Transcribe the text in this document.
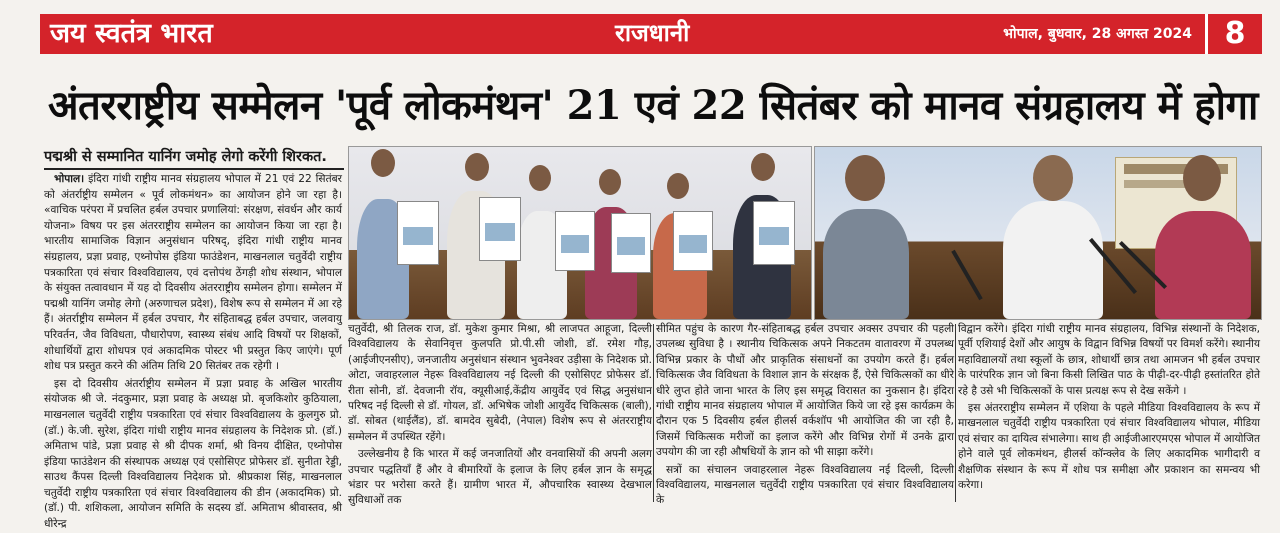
जय स्वतंत्र भारत	राजधानी	भोपाल, बुधवार, 28 अगस्त 2024	8
अंतरराष्ट्रीय सम्मेलन 'पूर्व लोकमंथन' 21 एवं 22 सितंबर को मानव संग्रहालय में होगा
पद्मश्री से सम्मानित यानिंग जमोह लेगो करेंगी शिरकत.

भोपाल। इंदिरा गांधी राष्ट्रीय मानव संग्रहालय भोपाल में 21 एवं 22 सितंबर को अंतर्राष्ट्रीय सम्मेलन « पूर्व लोकमंथन» का आयोजन होने जा रहा है। «वाचिक परंपरा में प्रचलित हर्बल उपचार प्रणालियां: संरक्षण, संवर्धन और कार्य योजना» विषय पर इस अंतरराष्ट्रीय सम्मेलन का आयोजन किया जा रहा है। भारतीय सामाजिक विज्ञान अनुसंधान परिषद्, इंदिरा गांधी राष्ट्रीय मानव संग्रहालय, प्रज्ञा प्रवाह, एथ्नोपोस इंडिया फाउंडेशन, माखनलाल चतुर्वेदी राष्ट्रीय पत्रकारिता एवं संचार विश्वविद्यालय, एवं दत्तोपंथ ठेंगड़ी शोध संस्थान, भोपाल के संयुक्त तत्वावधान में यह दो दिवसीय अंतरराष्ट्रीय सम्मेलन होगा। सम्मेलन में पद्मश्री यानिंग जमोह लेगो (अरुणाचल प्रदेश), विशेष रूप से सम्मेलन में आ रहे हैं। अंतर्राष्ट्रीय सम्मेलन में हर्बल उपचार, गैर संहिताबद्ध हर्बल उपचार, जलवायु परिवर्तन, जैव विविधता, पौधारोपण, स्वास्थ्य संबंध आदि विषयों पर शिक्षकों, शोधार्थियों द्वारा शोधपत्र एवं अकादमिक पोस्टर भी प्रस्तुत किए जाएंगे। पूर्ण शोध पत्र प्रस्तुत करने की अंतिम तिथि 20 सितंबर तक रहेगी ।

इस दो दिवसीय अंतर्राष्ट्रीय सम्मेलन में प्रज्ञा प्रवाह के अखिल भारतीय संयोजक श्री जे. नंदकुमार, प्रज्ञा प्रवाह के अध्यक्ष प्रो. बृजकिशोर कुठियाला, माखनलाल चतुर्वेदी राष्ट्रीय पत्रकारिता एवं संचार विश्वविद्यालय के कुलगुरु प्रो. (डॉ.) के.जी. सुरेश, इंदिरा गांधी राष्ट्रीय मानव संग्रहालय के निदेशक प्रो. (डॉ.) अमिताभ पांडे, प्रज्ञा प्रवाह से श्री दीपक शर्मा, श्री विनय दीक्षित, एथ्नोपोस इंडिया फाउंडेशन की संस्थापक अध्यक्ष एवं एसोसिएट प्रोफेसर डॉ. सुनीता रेड्डी, साउथ कैंपस दिल्ली विश्वविद्यालय निदेशक प्रो. श्रीप्रकाश सिंह, माखनलाल चतुर्वेदी राष्ट्रीय पत्रकारिता एवं संचार विश्वविद्यालय की डीन (अकादमिक) प्रो. (डॉ.) पी. शशिकला, आयोजन समिति के सदस्य डॉ. अमिताभ श्रीवास्तव, श्री धीरेन्द्र

चतुर्वेदी, श्री तिलक राज, डॉ. मुकेश कुमार मिश्रा, श्री लाजपत आहूजा, दिल्ली विश्वविद्यालय के सेवानिवृत्त कुलपति प्रो.पी.सी जोशी, डॉ. रमेश गौड़, (आईजीएनसीए), जनजातीय अनुसंधान संस्थान भुवनेश्वर उड़ीसा के निदेशक प्रो. ओटा, जवाहरलाल नेहरू विश्वविद्यालय नई दिल्ली की एसोसिएट प्रोफेसर डॉ. रीता सोनी, डॉ. देवजानी रॉय, क्यूसीआई,केंद्रीय आयुर्वेद एवं सिद्ध अनुसंधान परिषद नई दिल्ली से डॉ. गोयल, डॉ. अभिषेक जोशी आयुर्वेद चिकित्सक (बाली), डॉ. सोबत (थाईलैंड), डॉ. बामदेव सुबेदी, (नेपाल) विशेष रूप से अंतरराष्ट्रीय सम्मेलन में उपस्थित रहेंगे।

उल्लेखनीय है कि भारत में कई जनजातियों और वनवासियों की अपनी अलग उपचार पद्धतियाँ हैं और वे बीमारियों के इलाज के लिए हर्बल ज्ञान के समृद्ध भंडार पर भरोसा करते हैं। ग्रामीण भारत में, औपचारिक स्वास्थ्य देखभाल सुविधाओं तक

सीमित पहुंच के कारण गैर-संहिताबद्ध हर्बल उपचार अक्सर उपचार की पहली उपलब्ध सुविधा है । स्थानीय चिकित्सक अपने निकटतम वातावरण में उपलब्ध विभिन्न प्रकार के पौधों और प्राकृतिक संसाधनों का उपयोग करते हैं। हर्बल चिकित्सक जैव विविधता के विशाल ज्ञान के संरक्षक हैं, ऐसे चिकित्सकों का धीरे धीरे लुप्त होते जाना भारत के लिए इस समृद्ध विरासत का नुकसान है। इंदिरा गांधी राष्ट्रीय मानव संग्रहालय भोपाल में आयोजित किये जा रहे इस कार्यक्रम के दौरान एक 5 दिवसीय हर्बल हीलर्स वर्कशॉप भी आयोजित की जा रही है, जिसमें चिकित्सक मरीजों का इलाज करेंगे और विभिन्न रोगों में उनके द्वारा उपयोग की जा रही औषधियों के ज्ञान को भी साझा करेंगे।

सत्रों का संचालन जवाहरलाल नेहरू विश्वविद्यालय नई दिल्ली, दिल्ली विश्वविद्यालय, माखनलाल चतुर्वेदी राष्ट्रीय पत्रकारिता एवं संचार विश्वविद्यालय के

विद्वान करेंगे। इंदिरा गांधी राष्ट्रीय मानव संग्रहालय, विभिन्न संस्थानों के निदेशक, पूर्वी एशियाई देशों और आयुष के विद्वान विभिन्न विषयों पर विमर्श करेंगे। स्थानीय महाविद्यालयों तथा स्कूलों के छात्र, शोधार्थी छात्र तथा आमजन भी हर्बल उपचार के पारंपरिक ज्ञान जो बिना किसी लिखित पाठ के पीढ़ी-दर-पीढ़ी हस्तांतरित होते रहे है उसे भी चिकित्सकों के पास प्रत्यक्ष रूप से देख सकेंगे ।

इस अंतरराष्ट्रीय सम्मेलन में एशिया के पहले मीडिया विश्वविद्यालय के रूप में माखनलाल चतुर्वेदी राष्ट्रीय पत्रकारिता एवं संचार विश्वविद्यालय भोपाल, मीडिया एवं संचार का दायित्व संभालेगा। साथ ही आईजीआरएमएस भोपाल में आयोजित होने वाले पूर्व लोकमंथन, हीलर्स कॉन्क्लेव के लिए अकादमिक भागीदारी व शैक्षणिक संस्थान के रूप में शोध पत्र समीक्षा और प्रकाशन का समन्वय भी करेगा।
